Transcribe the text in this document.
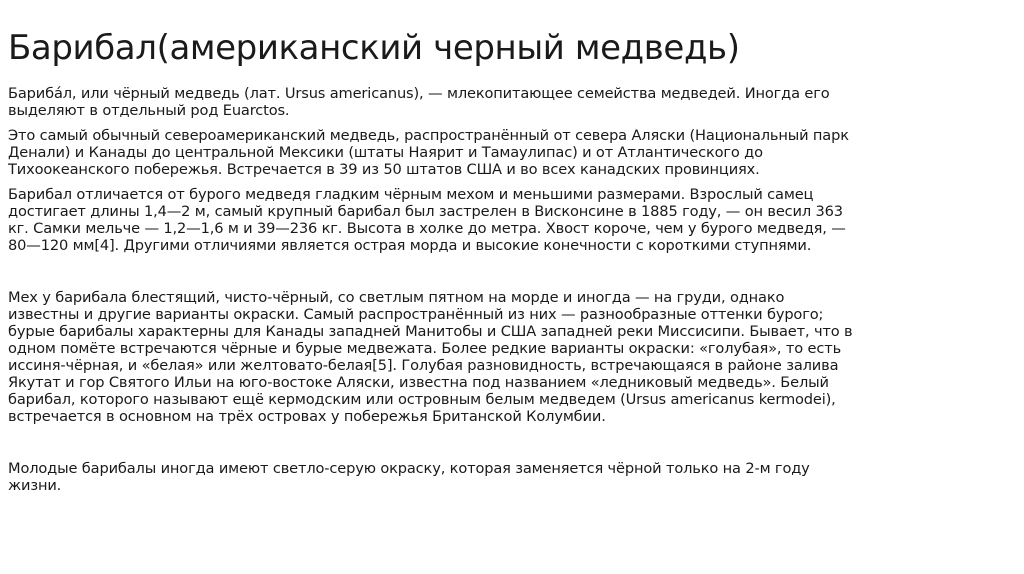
Барибал(американский черный медведь)
Бариба́л, или чёрный медведь (лат. Ursus americanus), — млекопитающее семейства медведей. Иногда его
выделяют в отдельный род Euarctos.
Это самый обычный североамериканский медведь, распространённый от севера Аляски (Национальный парк
Денали) и Канады до центральной Мексики (штаты Наярит и Тамаулипас) и от Атлантического до
Тихоокеанского побережья. Встречается в 39 из 50 штатов США и во всех канадских провинциях.
Барибал отличается от бурого медведя гладким чёрным мехом и меньшими размерами. Взрослый самец
достигает длины 1,4—2 м, самый крупный барибал был застрелен в Висконсине в 1885 году, — он весил 363
кг. Самки мельче — 1,2—1,6 м и 39—236 кг. Высота в холке до метра. Хвост короче, чем у бурого медведя, —
80—120 мм[4]. Другими отличиями является острая морда и высокие конечности с короткими ступнями.
Мех у барибала блестящий, чисто-чёрный, со светлым пятном на морде и иногда — на груди, однако
известны и другие варианты окраски. Самый распространённый из них — разнообразные оттенки бурого;
бурые барибалы характерны для Канады западней Манитобы и США западней реки Миссисипи. Бывает, что в
одном помёте встречаются чёрные и бурые медвежата. Более редкие варианты окраски: «голубая», то есть
иссиня-чёрная, и «белая» или желтовато-белая[5]. Голубая разновидность, встречающаяся в районе залива
Якутат и гор Святого Ильи на юго-востоке Аляски, известна под названием «ледниковый медведь». Белый
барибал, которого называют ещё кермодским или островным белым медведем (Ursus americanus kermodei),
встречается в основном на трёх островах у побережья Британской Колумбии.
Молодые барибалы иногда имеют светло-серую окраску, которая заменяется чёрной только на 2-м году
жизни.
